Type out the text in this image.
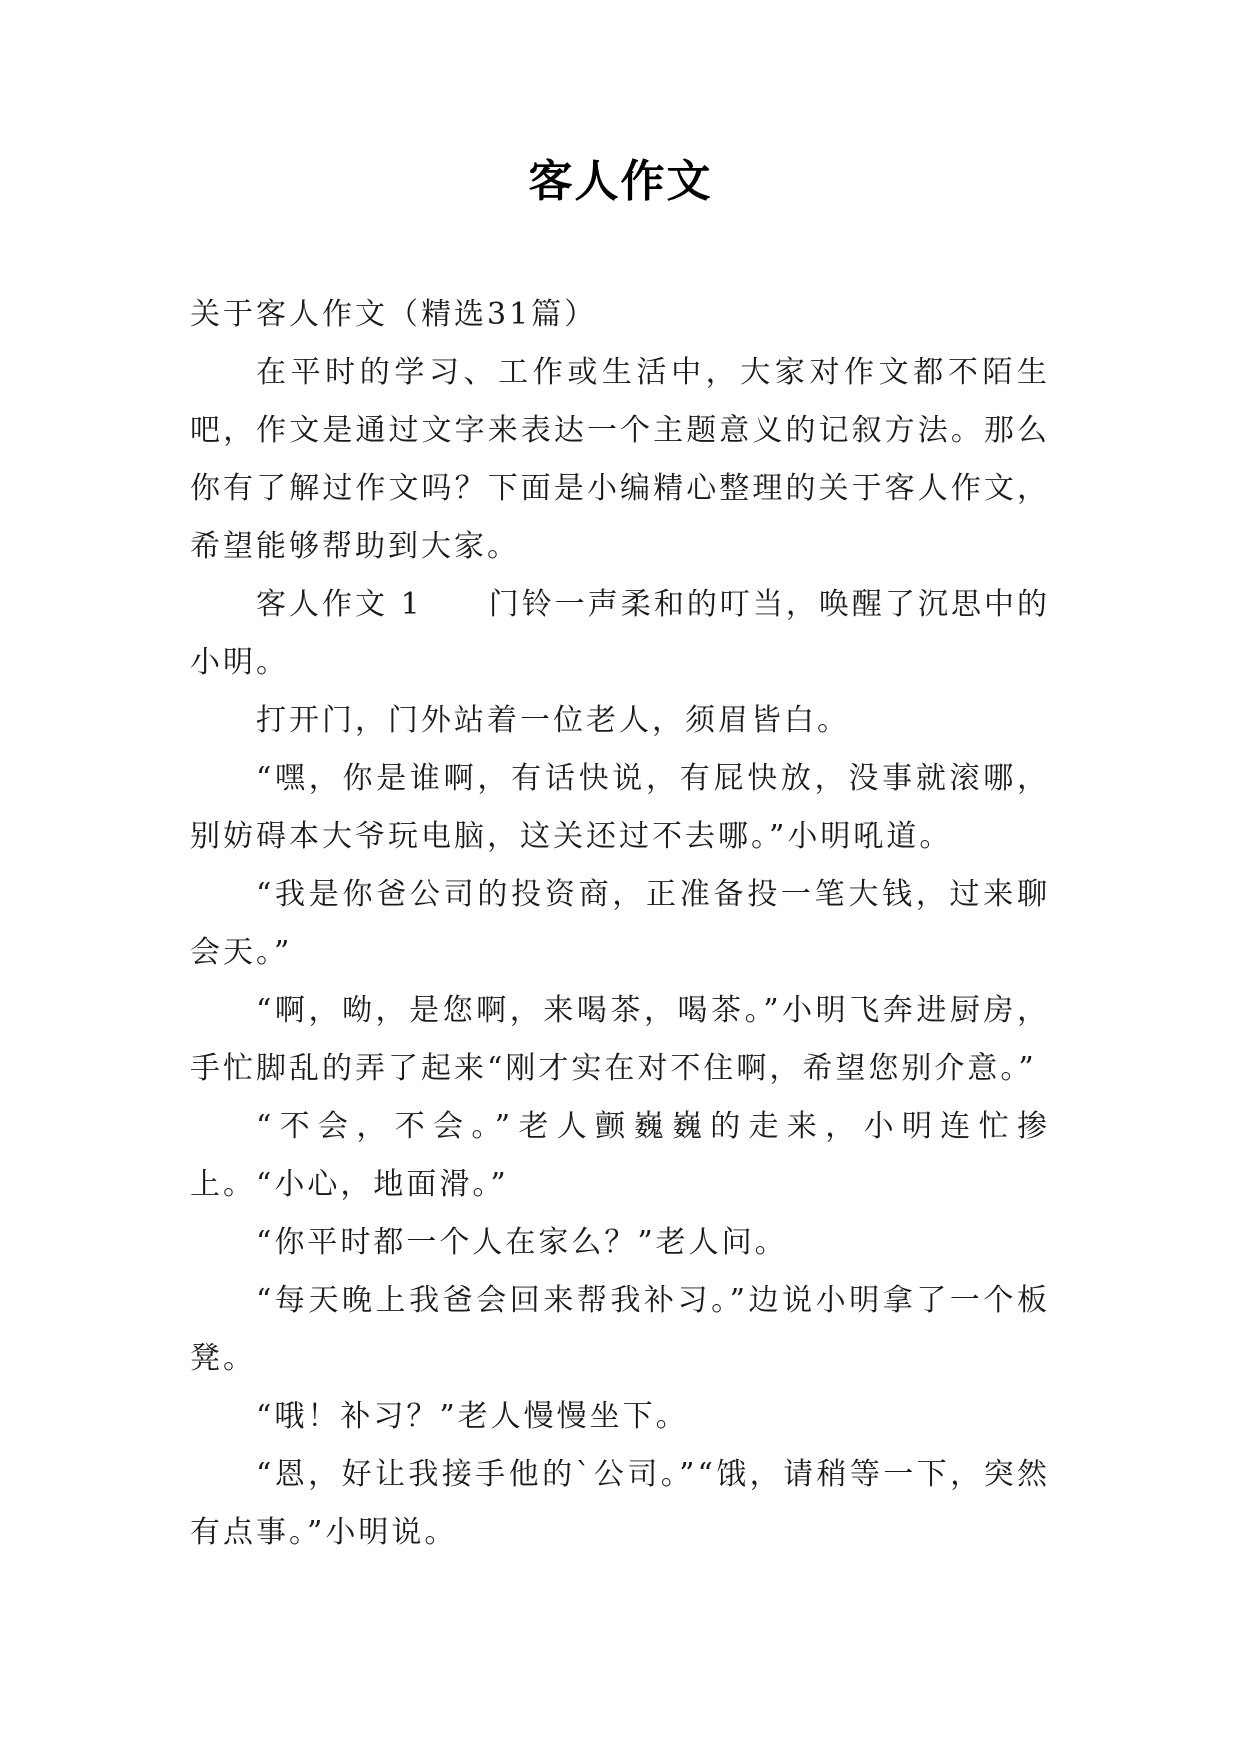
客人作文

关于客人作文（精选31篇）

在平时的学习、工作或生活中，大家对作文都不陌生吧，作文是通过文字来表达一个主题意义的记叙方法。那么你有了解过作文吗？下面是小编精心整理的关于客人作文，希望能够帮助到大家。

客人作文 1　　门铃一声柔和的叮当，唤醒了沉思中的小明。

打开门，门外站着一位老人，须眉皆白。

“嘿，你是谁啊，有话快说，有屁快放，没事就滚哪，别妨碍本大爷玩电脑，这关还过不去哪。”小明吼道。

“我是你爸公司的投资商，正准备投一笔大钱，过来聊会天。”

“啊，呦，是您啊，来喝茶，喝茶。”小明飞奔进厨房，手忙脚乱的弄了起来“刚才实在对不住啊，希望您别介意。”

“不会，不会。”老人颤巍巍的走来，小明连忙掺上。“小心，地面滑。”

“你平时都一个人在家么？”老人问。

“每天晚上我爸会回来帮我补习。”边说小明拿了一个板凳。

“哦！补习？”老人慢慢坐下。

“恩，好让我接手他的`公司。”“饿，请稍等一下，突然有点事。”小明说。
